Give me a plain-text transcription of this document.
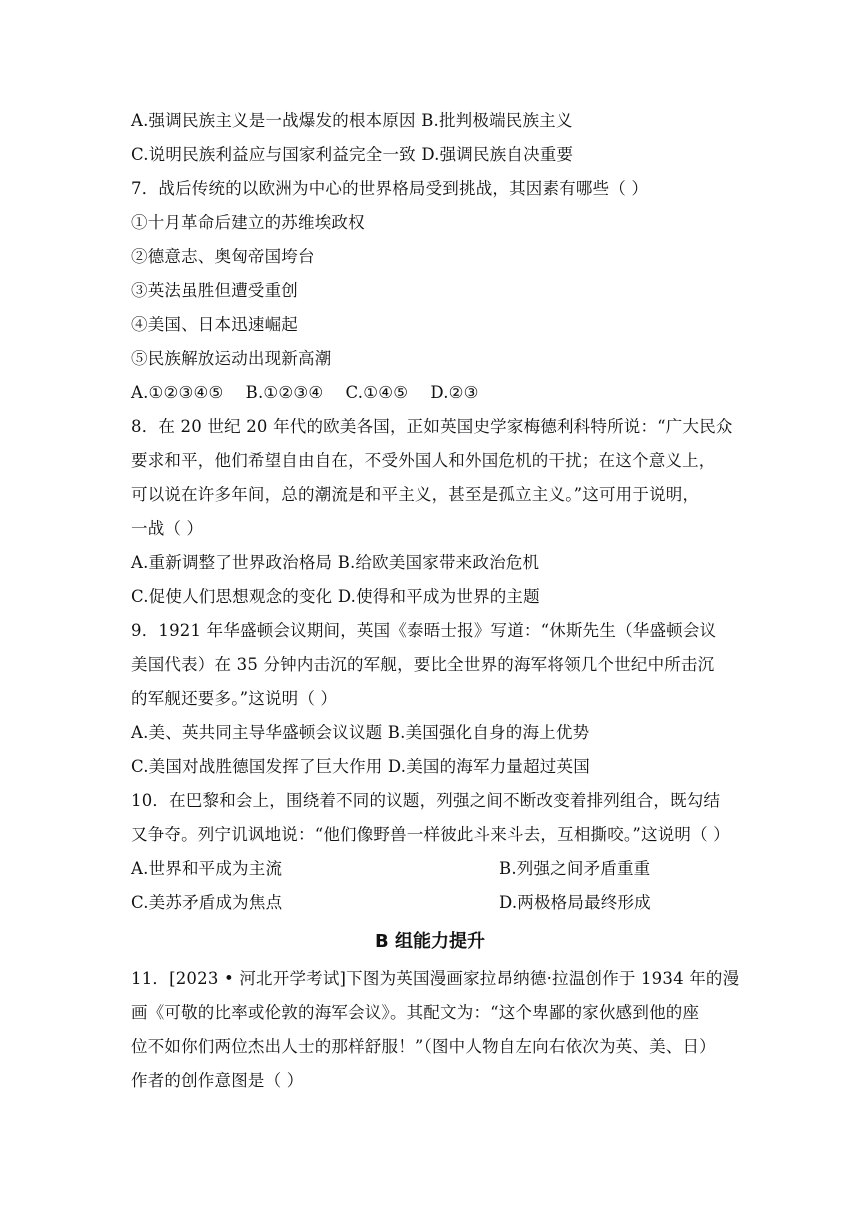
A.强调民族主义是一战爆发的根本原因 B.批判极端民族主义
C.说明民族利益应与国家利益完全一致 D.强调民族自决重要
7．战后传统的以欧洲为中心的世界格局受到挑战，其因素有哪些（ ）
①十月革命后建立的苏维埃政权
②德意志、奥匈帝国垮台
③英法虽胜但遭受重创
④美国、日本迅速崛起
⑤民族解放运动出现新高潮
A.①②③④⑤　 B.①②③④　 C.①④⑤　 D.②③
8．在 20 世纪 20 年代的欧美各国，正如英国史学家梅德利科特所说：“广大民众
要求和平，他们希望自由自在，不受外国人和外国危机的干扰；在这个意义上，
可以说在许多年间，总的潮流是和平主义，甚至是孤立主义。”这可用于说明，
一战（ ）
A.重新调整了世界政治格局 B.给欧美国家带来政治危机
C.促使人们思想观念的变化 D.使得和平成为世界的主题
9．1921 年华盛顿会议期间，英国《泰晤士报》写道：“休斯先生（华盛顿会议
美国代表）在 35 分钟内击沉的军舰，要比全世界的海军将领几个世纪中所击沉
的军舰还要多。”这说明（ ）
A.美、英共同主导华盛顿会议议题 B.美国强化自身的海上优势
C.美国对战胜德国发挥了巨大作用 D.美国的海军力量超过英国
10．在巴黎和会上，围绕着不同的议题，列强之间不断改变着排列组合，既勾结
又争夺。列宁讥讽地说：“他们像野兽一样彼此斗来斗去，互相撕咬。”这说明（ ）
A.世界和平成为主流	B.列强之间矛盾重重
C.美苏矛盾成为焦点	D.两极格局最终形成
B 组能力提升
11．[2023 • 河北开学考试]下图为英国漫画家拉昂纳德·拉温创作于 1934 年的漫
画《可敬的比率或伦敦的海军会议》。其配文为：“这个卑鄙的家伙感到他的座
位不如你们两位杰出人士的那样舒服！”（图中人物自左向右依次为英、美、日）
作者的创作意图是（ ）
